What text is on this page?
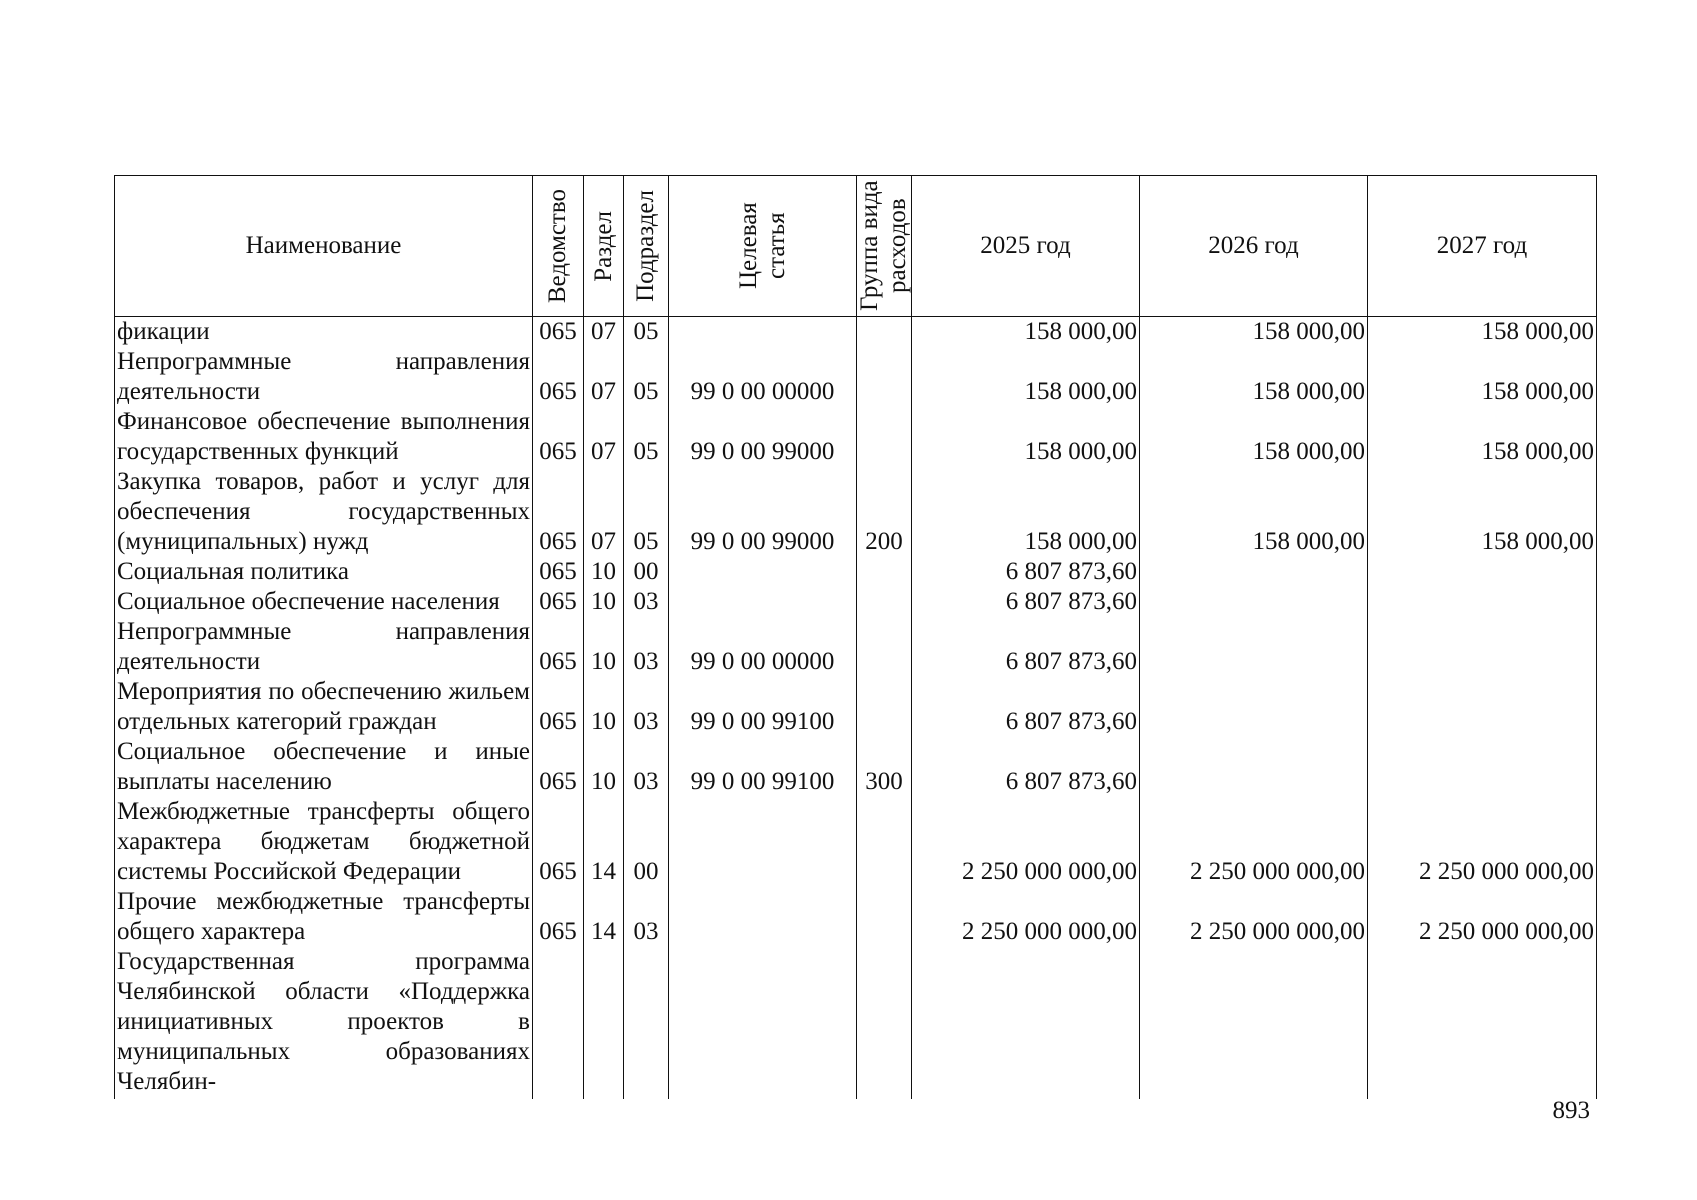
Наименование	Ведомство	Раздел	Подраздел	Целевая статья	Группа вида расходов	2025 год	2026 год	2027 год
фикации	065	07	05			158 000,00	158 000,00	158 000,00
Непрограммные направления деятельности	065	07	05	99 0 00 00000		158 000,00	158 000,00	158 000,00
Финансовое обеспечение выполнения государственных функций	065	07	05	99 0 00 99000		158 000,00	158 000,00	158 000,00
Закупка товаров, работ и услуг для обеспечения государственных (муниципальных) нужд	065	07	05	99 0 00 99000	200	158 000,00	158 000,00	158 000,00
Социальная политика	065	10	00			6 807 873,60		
Социальное обеспечение населения	065	10	03			6 807 873,60		
Непрограммные направления деятельности	065	10	03	99 0 00 00000		6 807 873,60		
Мероприятия по обеспечению жильем отдельных категорий граждан	065	10	03	99 0 00 99100		6 807 873,60		
Социальное обеспечение и иные выплаты населению	065	10	03	99 0 00 99100	300	6 807 873,60		
Межбюджетные трансферты общего характера бюджетам бюджетной системы Российской Федерации	065	14	00			2 250 000 000,00	2 250 000 000,00	2 250 000 000,00
Прочие межбюджетные трансферты общего характера	065	14	03			2 250 000 000,00	2 250 000 000,00	2 250 000 000,00
Государственная программа Челябинской области «Поддержка инициативных проектов в муниципальных образованиях Челябин-								
893
